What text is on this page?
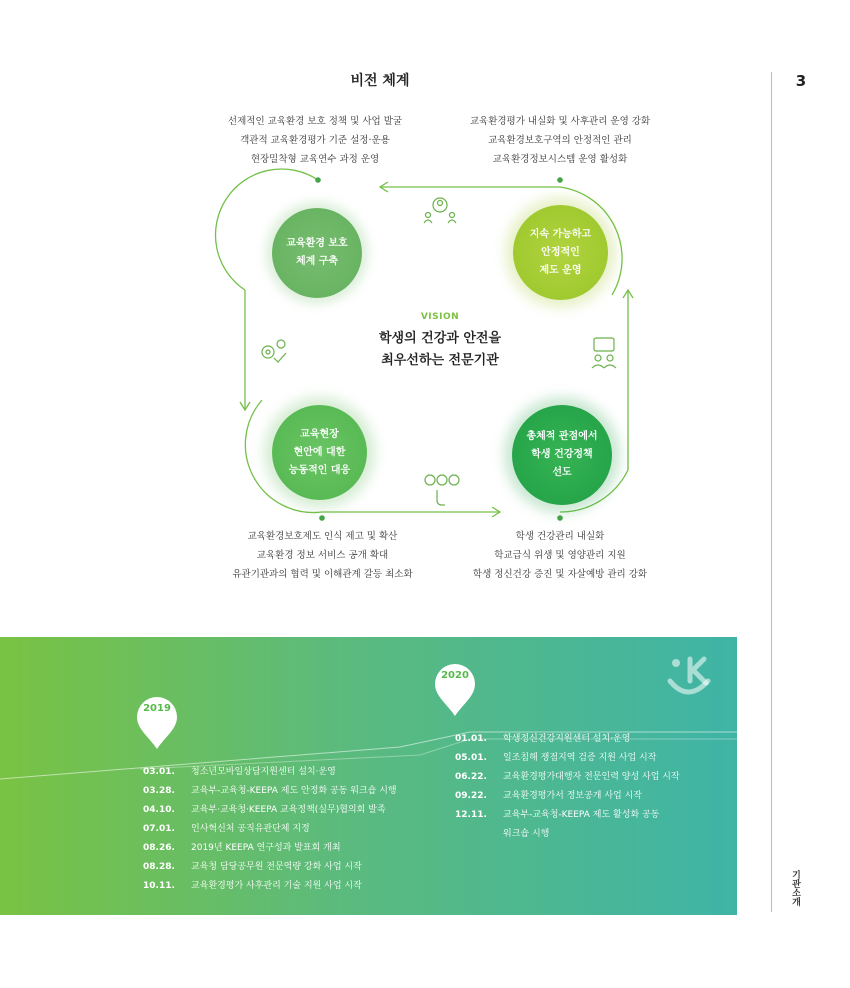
비전 체계	3
기관소개
선제적인 교육환경 보호 정책 및 사업 발굴
객관적 교육환경평가 기준 설정·운용
현장밀착형 교육연수 과정 운영
교육환경평가 내실화 및 사후관리 운영 강화
교육환경보호구역의 안정적인 관리
교육환경정보시스템 운영 활성화
교육환경보호제도 인식 제고 및 확산
교육환경 정보 서비스 공개 확대
유관기관과의 협력 및 이해관계 갈등 최소화
학생 건강관리 내실화
학교급식 위생 및 영양관리 지원
학생 정신건강 증진 및 자살예방 관리 강화
교육환경 보호
체계 구축
지속 가능하고
안정적인
제도 운영
교육현장
현안에 대한
능동적인 대응
총체적 관점에서
학생 건강정책
선도
VISION
학생의 건강과 안전을
최우선하는 전문기관
2019
2020
03.01.	청소년모바일상담지원센터 설치·운영
03.28.	교육부-교육청-KEEPA 제도 안정화 공동 워크숍 시행
04.10.	교육부·교육청·KEEPA 교육정책(실무)협의회 발족
07.01.	인사혁신처 공직유관단체 지정
08.26.	2019년 KEEPA 연구성과 발표회 개최
08.28.	교육청 담당공무원 전문역량 강화 사업 시작
10.11.	교육환경평가 사후관리 기술 지원 사업 시작
01.01.	학생정신건강지원센터 설치·운영
05.01.	일조침해 쟁점지역 검증 지원 사업 시작
06.22.	교육환경평가대행자 전문인력 양성 사업 시작
09.22.	교육환경평가서 정보공개 사업 시작
12.11.	교육부-교육청-KEEPA 제도 활성화 공동
워크숍 시행
